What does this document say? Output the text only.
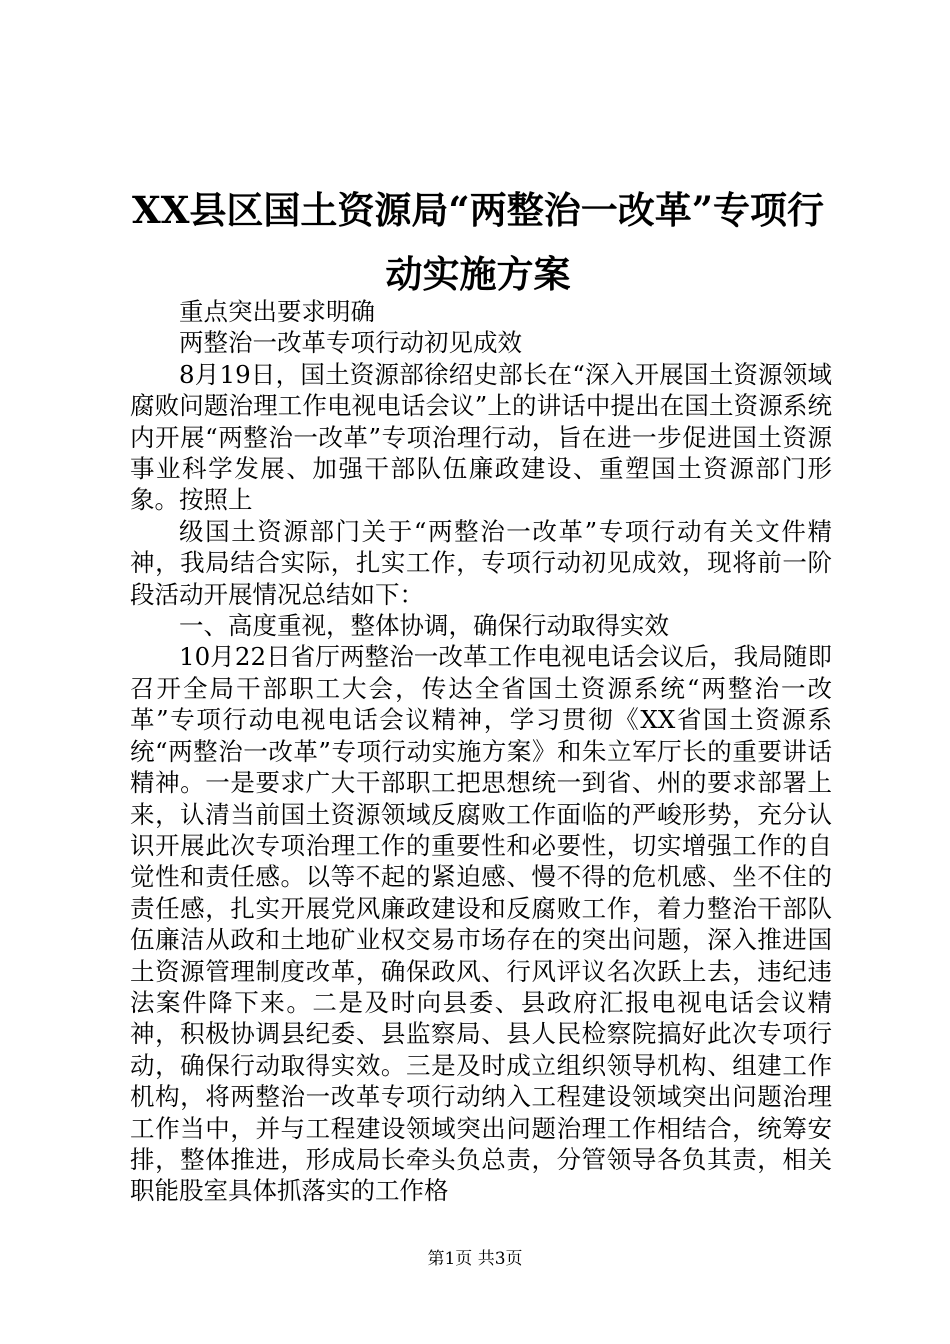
XX县区国土资源局“两整治一改革”专项行动实施方案

重点突出要求明确

两整治一改革专项行动初见成效

8月19日，国土资源部徐绍史部长在“深入开展国土资源领域腐败问题治理工作电视电话会议”上的讲话中提出在国土资源系统内开展“两整治一改革”专项治理行动，旨在进一步促进国土资源事业科学发展、加强干部队伍廉政建设、重塑国土资源部门形象。按照上

级国土资源部门关于“两整治一改革”专项行动有关文件精神，我局结合实际，扎实工作，专项行动初见成效，现将前一阶段活动开展情况总结如下：

一、高度重视，整体协调，确保行动取得实效

10月22日省厅两整治一改革工作电视电话会议后，我局随即召开全局干部职工大会，传达全省国土资源系统“两整治一改革”专项行动电视电话会议精神，学习贯彻《XX省国土资源系统“两整治一改革”专项行动实施方案》和朱立军厅长的重要讲话精神。一是要求广大干部职工把思想统一到省、州的要求部署上来，认清当前国土资源领域反腐败工作面临的严峻形势，充分认识开展此次专项治理工作的重要性和必要性，切实增强工作的自觉性和责任感。以等不起的紧迫感、慢不得的危机感、坐不住的责任感，扎实开展党风廉政建设和反腐败工作，着力整治干部队伍廉洁从政和土地矿业权交易市场存在的突出问题，深入推进国土资源管理制度改革，确保政风、行风评议名次跃上去，违纪违法案件降下来。二是及时向县委、县政府汇报电视电话会议精神，积极协调县纪委、县监察局、县人民检察院搞好此次专项行动，确保行动取得实效。三是及时成立组织领导机构、组建工作机构，将两整治一改革专项行动纳入工程建设领域突出问题治理工作当中，并与工程建设领域突出问题治理工作相结合，统筹安排，整体推进，形成局长牵头负总责，分管领导各负其责，相关职能股室具体抓落实的工作格

第1页 共3页
